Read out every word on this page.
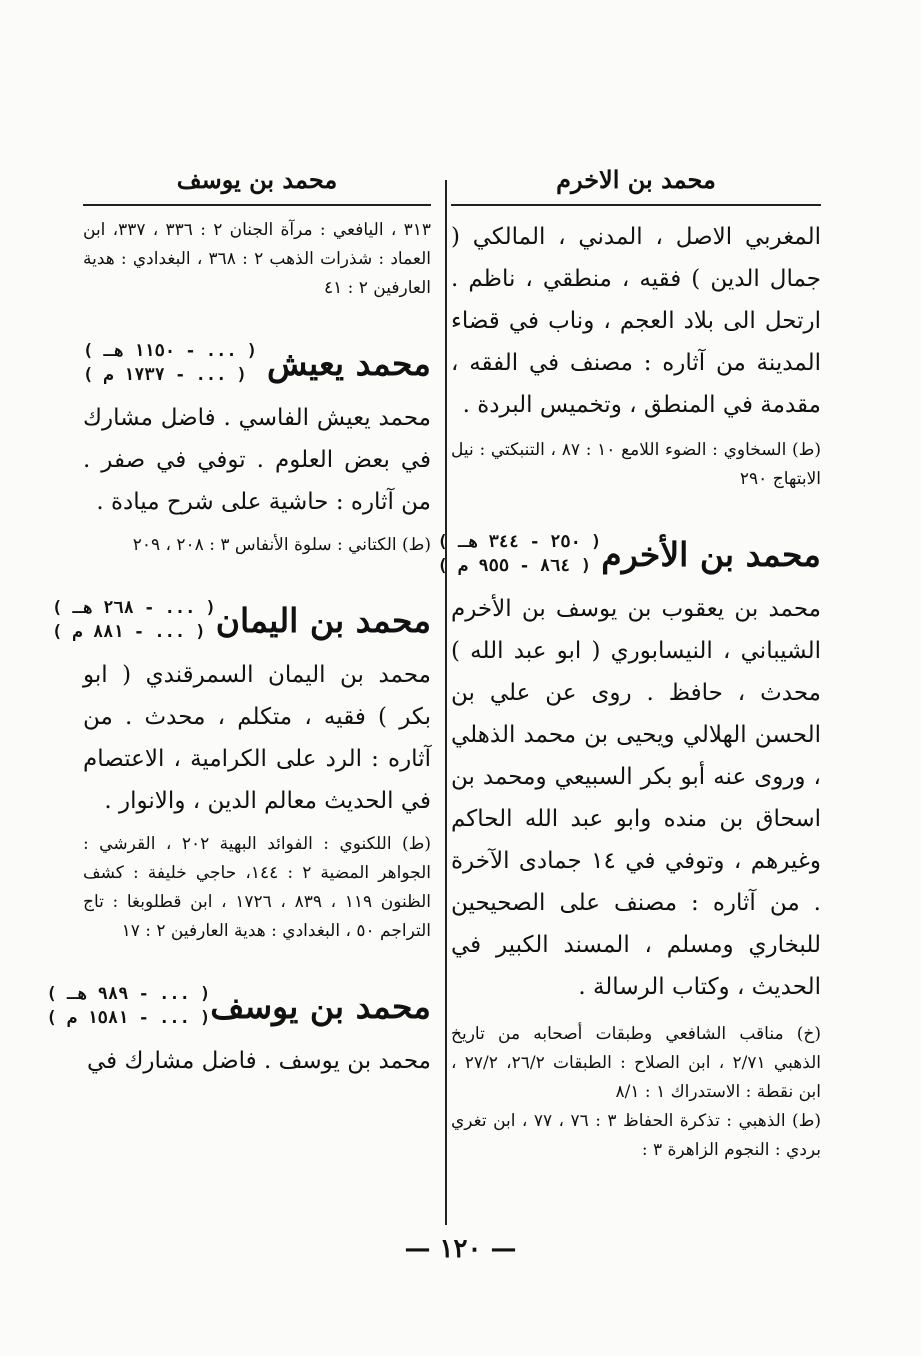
محمد بن الاخرم

المغربي الاصل ، المدني ، المالكي ( جمال الدين ) فقيه ، منطقي ، ناظم . ارتحل الى بلاد العجم ، وناب في قضاء المدينة من آثاره : مصنف في الفقه ، مقدمة في المنطق ، وتخميس البردة .

(ط) السخاوي : الضوء اللامع ١٠ : ٨٧ ، التنبكتي : نيل الابتهاج ٢٩٠

محمد بن الأخرم
( ٢٥٠ - ٣٤٤ هـ )
( ٨٦٤ - ٩٥٥ م )

محمد بن يعقوب بن يوسف بن الأخرم الشيباني ، النيسابوري ( ابو عبد الله ) محدث ، حافظ . روى عن علي بن الحسن الهلالي ويحيى بن محمد الذهلي ، وروى عنه أبو بكر السبيعي ومحمد بن اسحاق بن منده وابو عبد الله الحاكم وغيرهم ، وتوفي في ١٤ جمادى الآخرة . من آثاره : مصنف على الصحيحين للبخاري ومسلم ، المسند الكبير في الحديث ، وكتاب الرسالة .

(خ) مناقب الشافعي وطبقات أصحابه من تاريخ الذهبي ٢/٧١ ، ابن الصلاح : الطبقات ٢٦/٢، ٢٧/٢ ، ابن نقطة : الاستدراك ١ : ٨/١

(ط) الذهبي : تذكرة الحفاظ ٣ : ٧٦ ، ٧٧ ، ابن تغري بردي : النجوم الزاهرة ٣ :

محمد بن يوسف

٣١٣ ، اليافعي : مرآة الجنان ٢ : ٣٣٦ ، ٣٣٧، ابن العماد : شذرات الذهب ٢ : ٣٦٨ ، البغدادي : هدية العارفين ٢ : ٤١

محمد يعيش
( ... - ١١٥٠ هـ )
( ... - ١٧٣٧ م )

محمد يعيش الفاسي . فاضل مشارك في بعض العلوم . توفي في صفر . من آثاره : حاشية على شرح ميادة .

(ط) الكتاني : سلوة الأنفاس ٣ : ٢٠٨ ، ٢٠٩

محمد بن اليمان
( ... - ٢٦٨ هـ )
( ... - ٨٨١ م )

محمد بن اليمان السمرقندي ( ابو بكر ) فقيه ، متكلم ، محدث . من آثاره : الرد على الكرامية ، الاعتصام في الحديث معالم الدين ، والانوار .

(ط) اللكنوي : الفوائد البهية ٢٠٢ ، القرشي : الجواهر المضية ٢ : ١٤٤، حاجي خليفة : كشف الظنون ١١٩ ، ٨٣٩ ، ١٧٢٦ ، ابن قطلوبغا : تاج التراجم ٥٠ ، البغدادي : هدية العارفين ٢ : ١٧

محمد بن يوسف
( ... - ٩٨٩ هـ )
( ... - ١٥٨١ م )

محمد بن يوسف . فاضل مشارك في

— ١٢٠ —
